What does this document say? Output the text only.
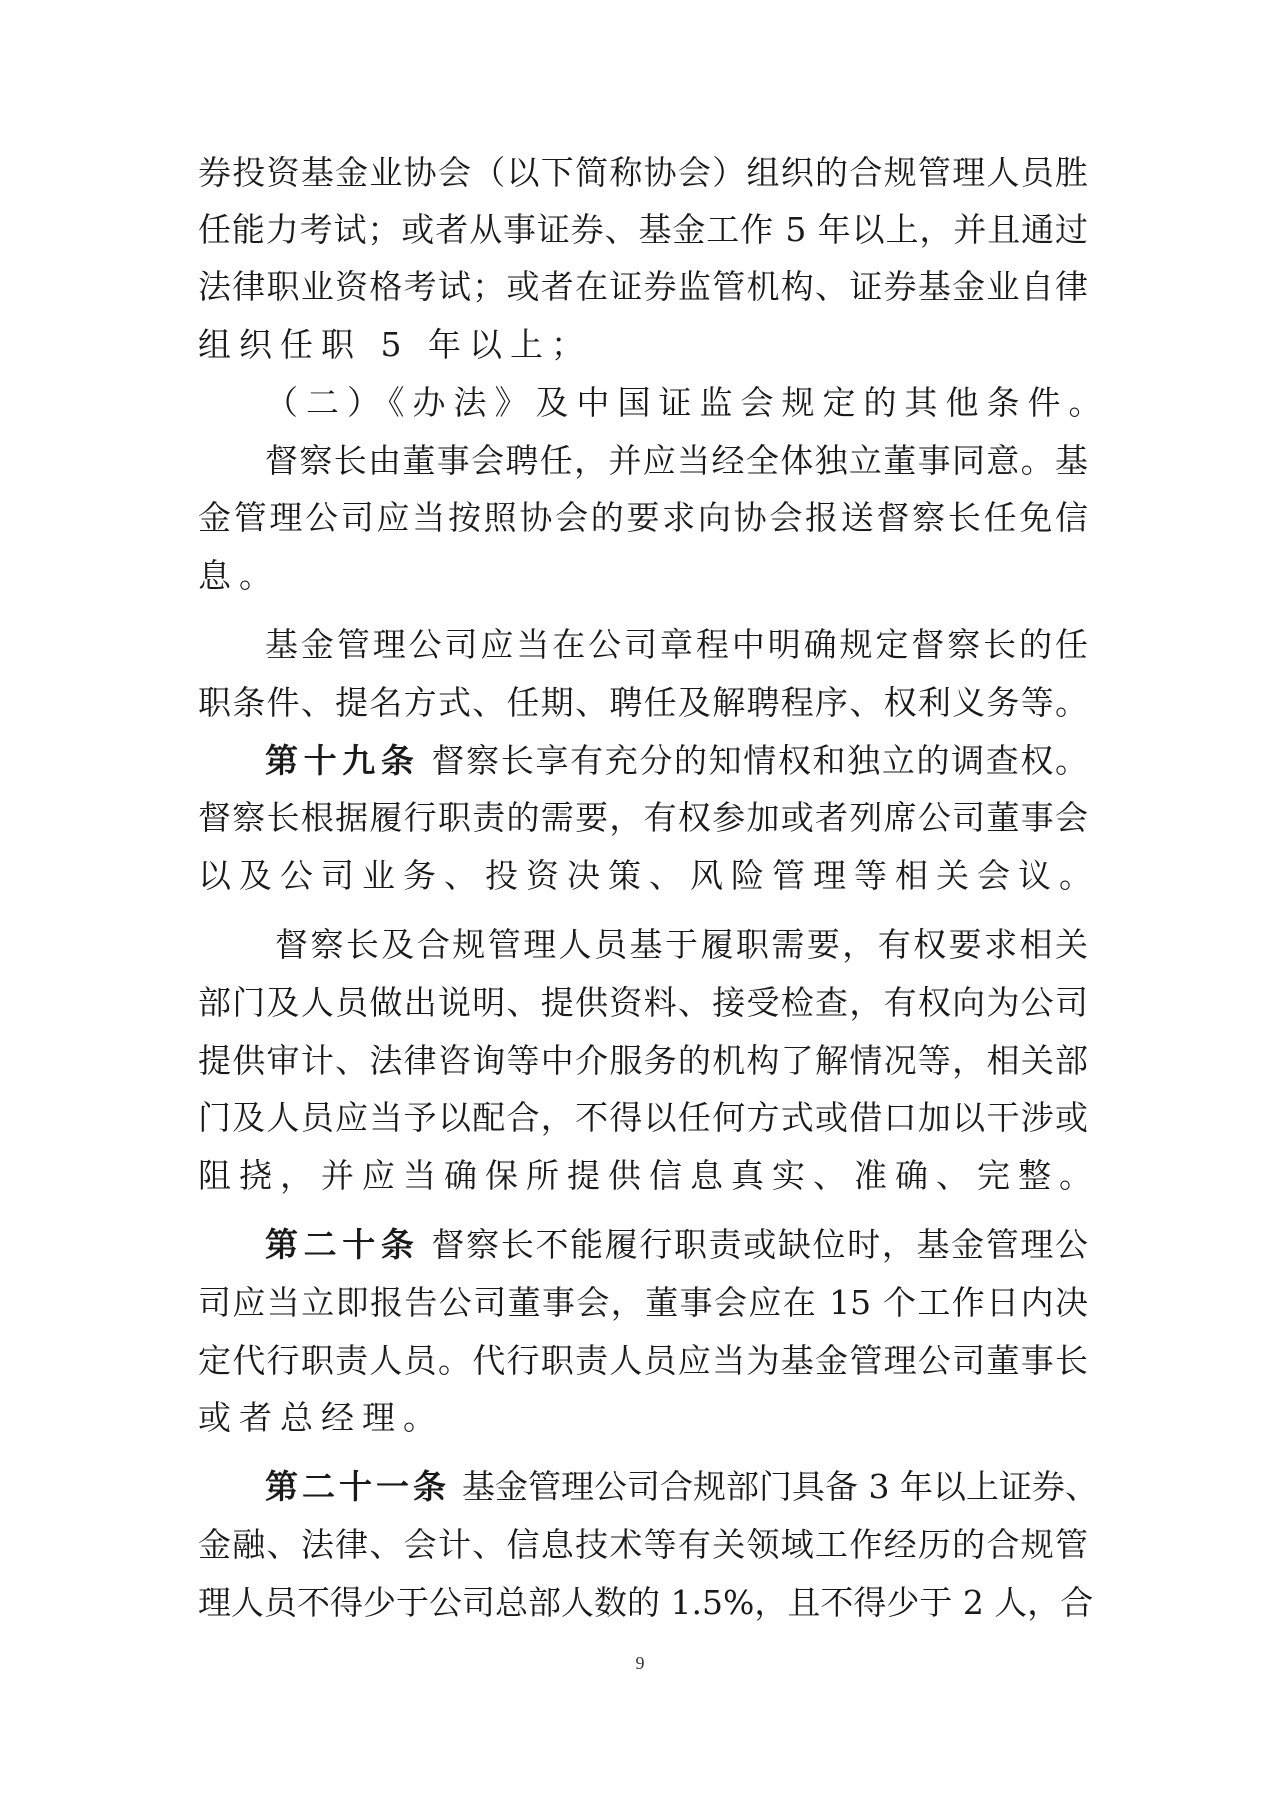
券投资基金业协会（以下简称协会）组织的合规管理人员胜
任能力考试；或者从事证券、基金工作 5 年以上，并且通过
法律职业资格考试；或者在证券监管机构、证券基金业自律
组织任职 5 年以上；
（二）《办法》及中国证监会规定的其他条件。
督察长由董事会聘任，并应当经全体独立董事同意。基
金管理公司应当按照协会的要求向协会报送督察长任免信
息。
基金管理公司应当在公司章程中明确规定督察长的任
职条件、提名方式、任期、聘任及解聘程序、权利义务等。
第十九条 督察长享有充分的知情权和独立的调查权。
督察长根据履行职责的需要，有权参加或者列席公司董事会
以及公司业务、投资决策、风险管理等相关会议。
督察长及合规管理人员基于履职需要，有权要求相关
部门及人员做出说明、提供资料、接受检查，有权向为公司
提供审计、法律咨询等中介服务的机构了解情况等，相关部
门及人员应当予以配合，不得以任何方式或借口加以干涉或
阻挠，并应当确保所提供信息真实、准确、完整。
第二十条 督察长不能履行职责或缺位时，基金管理公
司应当立即报告公司董事会，董事会应在 15 个工作日内决
定代行职责人员。代行职责人员应当为基金管理公司董事长
或者总经理。
第二十一条 基金管理公司合规部门具备 3 年以上证券、
金融、法律、会计、信息技术等有关领域工作经历的合规管
理人员不得少于公司总部人数的 1.5%，且不得少于 2 人，合
9
